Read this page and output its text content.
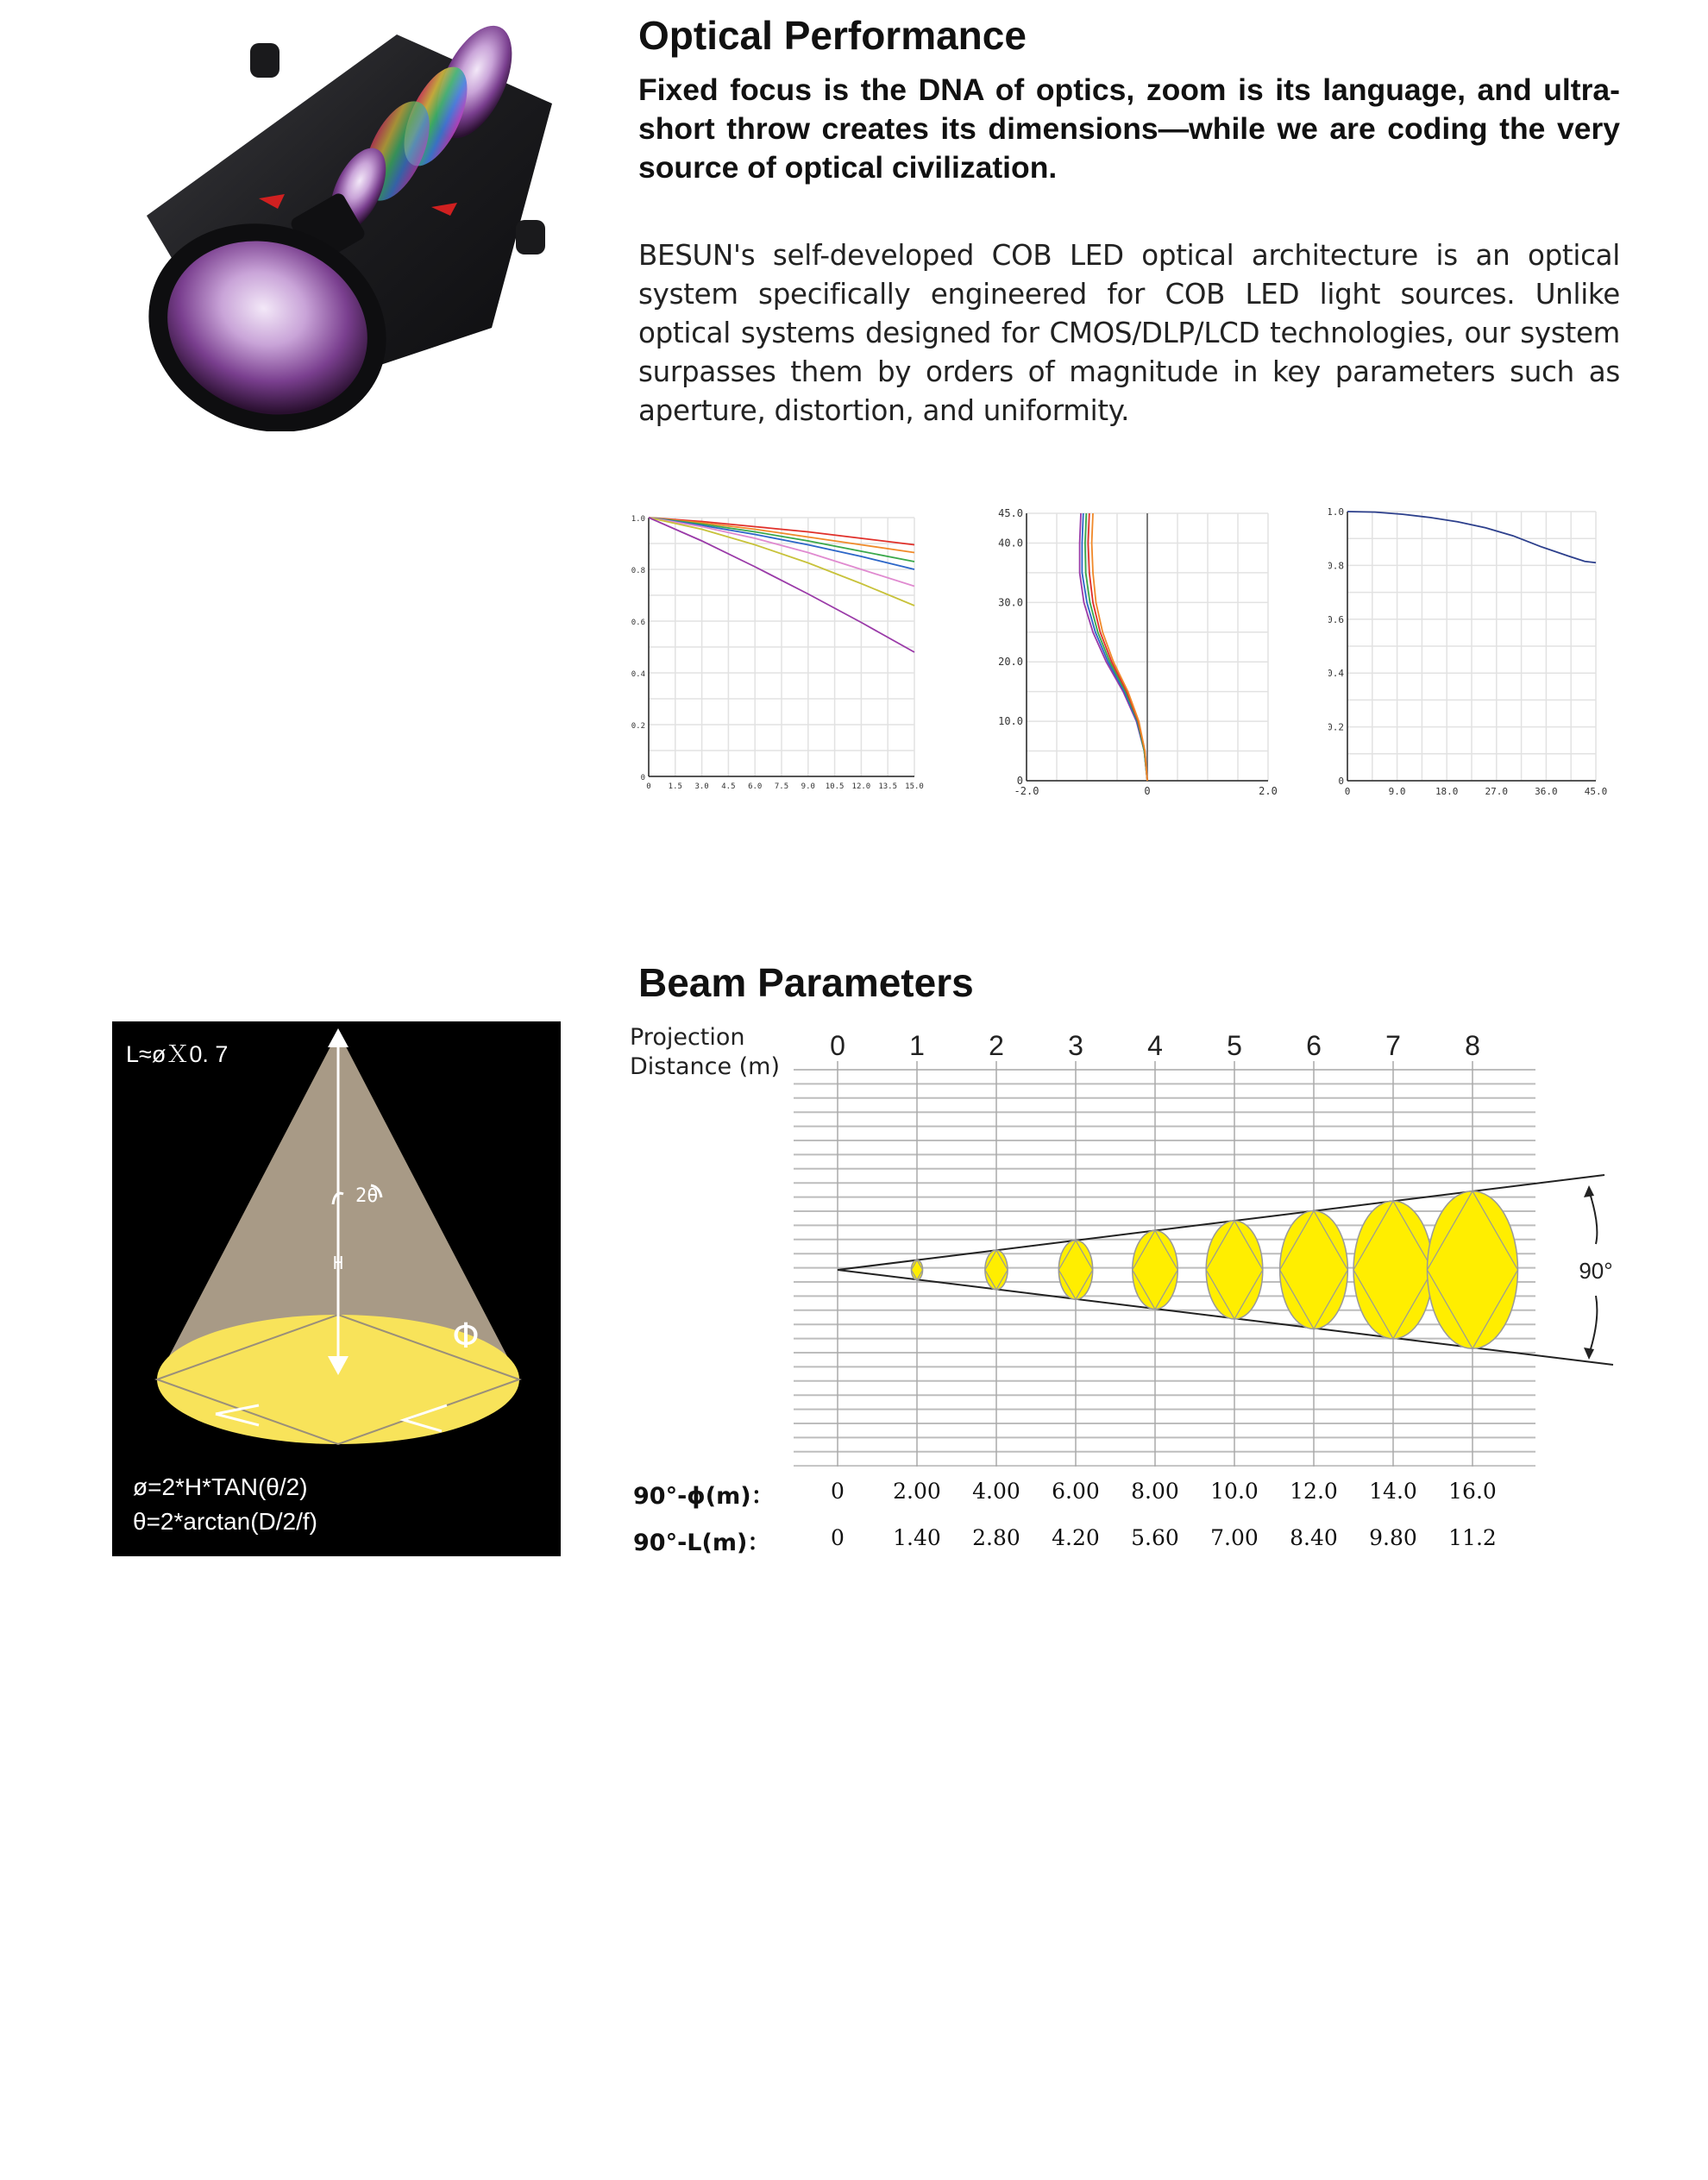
Optical Performance

Fixed focus is the DNA of optics, zoom is its language, and ultra-short throw creates its dimensions—while we are coding the very source of optical civilization.

BESUN's self-developed COB LED optical architecture is an optical system specifically engineered for COB LED light sources. Unlike optical systems designed for CMOS/DLP/LCD technologies, our system surpasses them by orders of magnitude in key parameters such as aperture, distortion, and uniformity.

0 1.5 3.0 4.5 6.0 7.5 9.0 10.5 12.0 13.5 15.0
0
0.2
0.4
0.6
0.8
1.0
-2.0	0	2.0
0
10.0
20.0
30.0
40.0
45.0
0	9.0	18.0	27.0	36.0	45.0
0
0.2
0.4
0.6
0.8
1.0
Beam Parameters
2θ
H
Φ
L≈øＸ0. 7
ø=2*H*TAN(θ/2)
θ=2*arctan(D/2/f)
Projection
Distance (m)
0 1 2 3 4 5 6 7 8
90°
90°-ϕ(m)：
90°-L(m)：
0	2.00	4.00	6.00	8.00	10.0	12.0	14.0	16.0
0	1.40	2.80	4.20	5.60	7.00	8.40	9.80	11.2
